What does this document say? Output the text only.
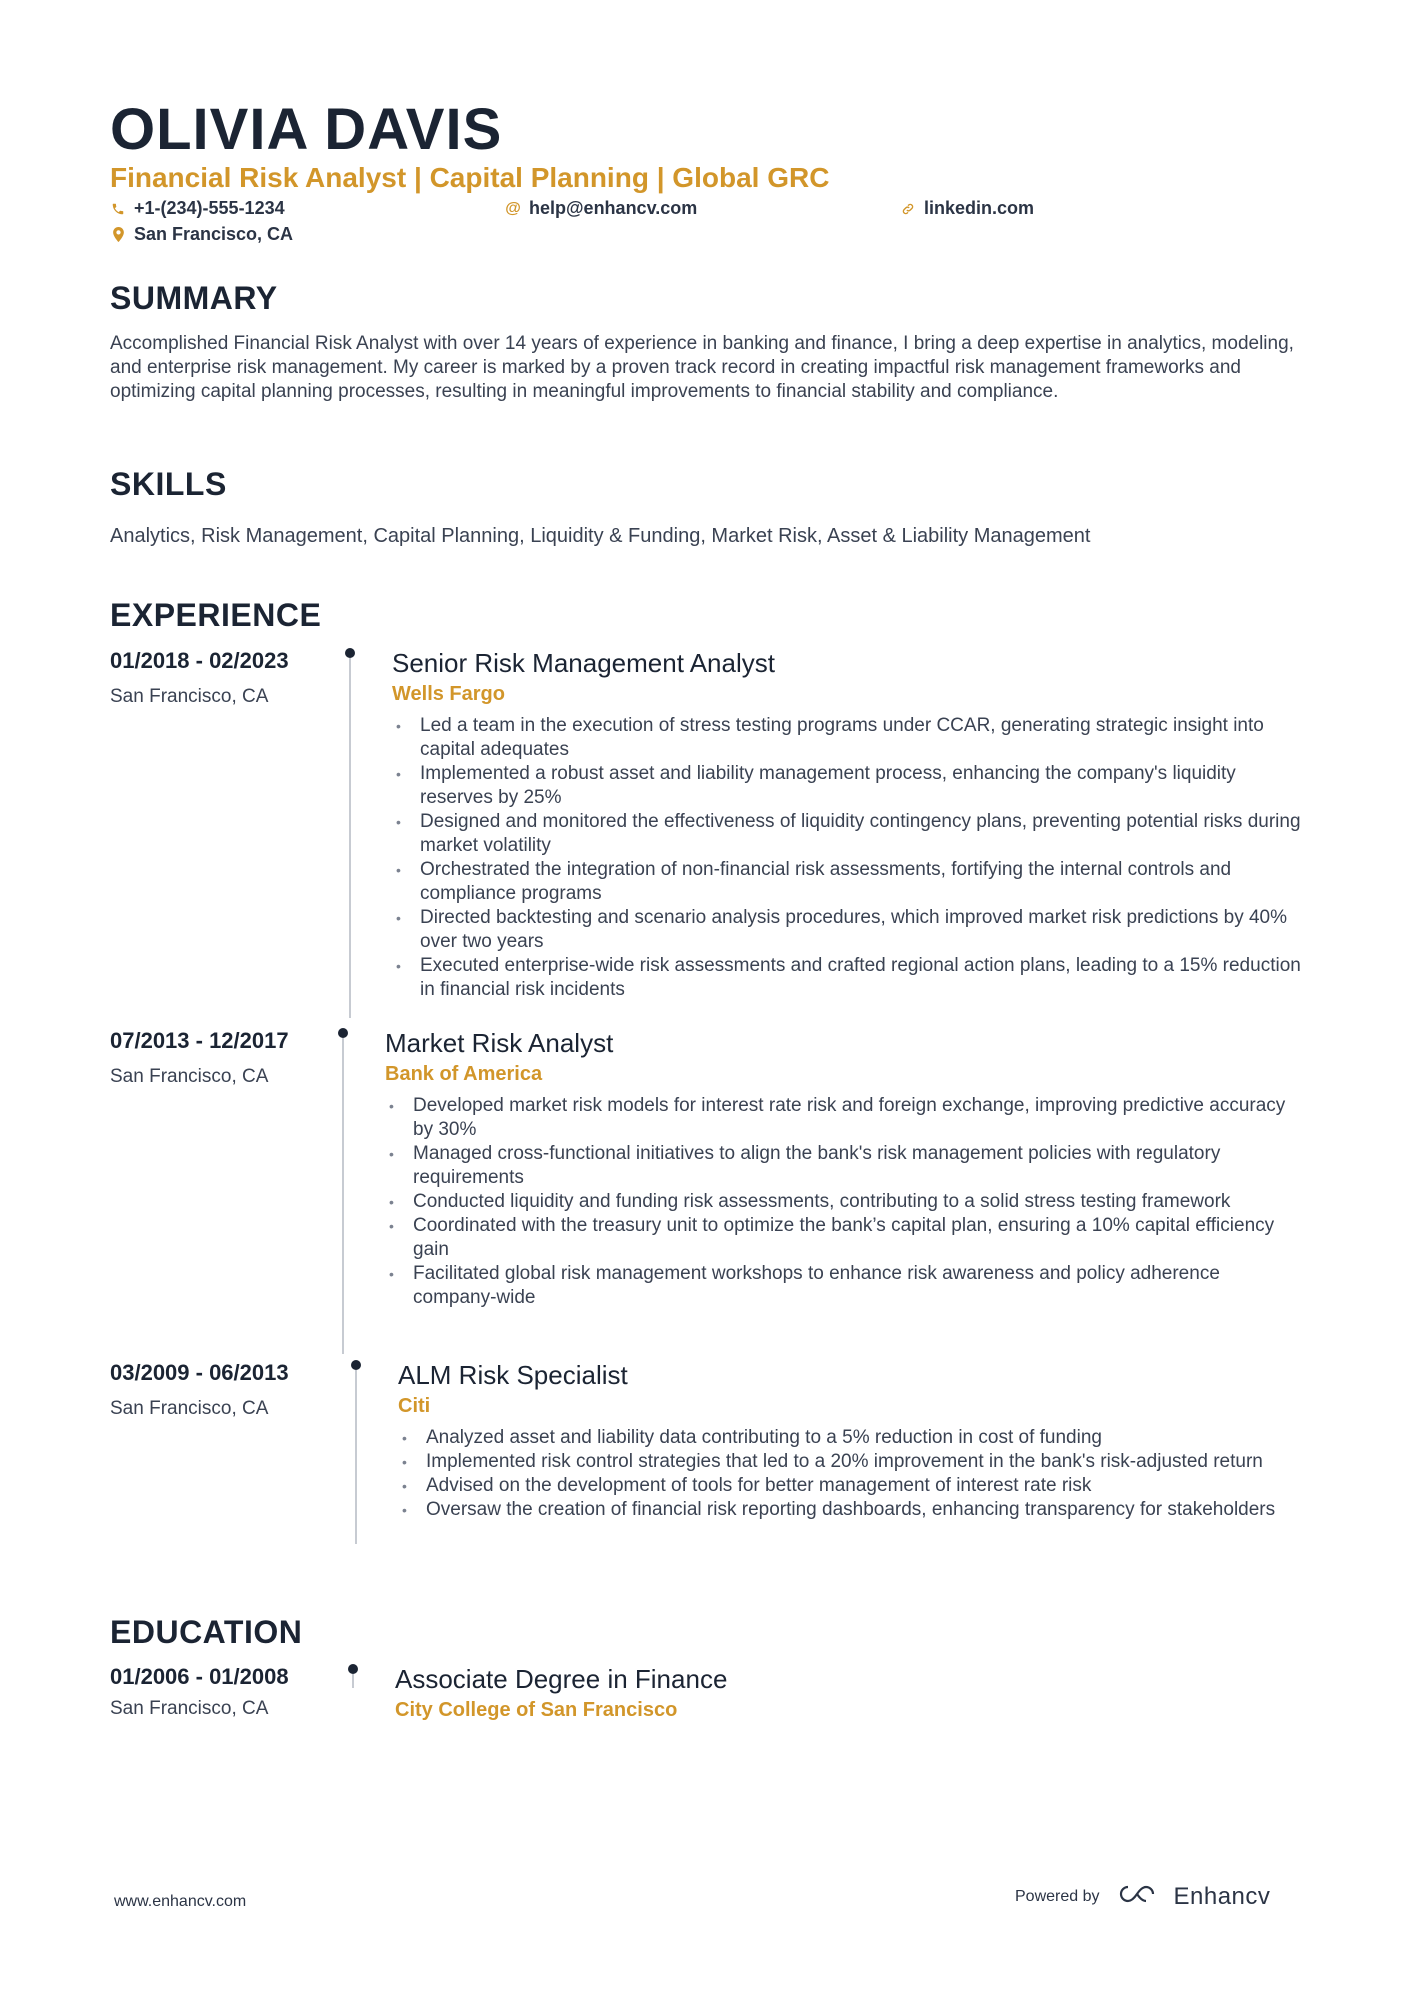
OLIVIA DAVIS
Financial Risk Analyst | Capital Planning | Global GRC
+1-(234)-555-1234	@ help@enhancv.com	linkedin.com
San Francisco, CA
SUMMARY
Accomplished Financial Risk Analyst with over 14 years of experience in banking and finance, I bring a deep expertise in analytics, modeling, and enterprise risk management. My career is marked by a proven track record in creating impactful risk management frameworks and optimizing capital planning processes, resulting in meaningful improvements to financial stability and compliance.
SKILLS
Analytics, Risk Management, Capital Planning, Liquidity & Funding, Market Risk, Asset & Liability Management
EXPERIENCE
01/2018 - 02/2023
San Francisco, CA
Senior Risk Management Analyst
Wells Fargo
• Led a team in the execution of stress testing programs under CCAR, generating strategic insight into capital adequates
• Implemented a robust asset and liability management process, enhancing the company's liquidity reserves by 25%
• Designed and monitored the effectiveness of liquidity contingency plans, preventing potential risks during market volatility
• Orchestrated the integration of non-financial risk assessments, fortifying the internal controls and compliance programs
• Directed backtesting and scenario analysis procedures, which improved market risk predictions by 40% over two years
• Executed enterprise-wide risk assessments and crafted regional action plans, leading to a 15% reduction in financial risk incidents
07/2013 - 12/2017
San Francisco, CA
Market Risk Analyst
Bank of America
• Developed market risk models for interest rate risk and foreign exchange, improving predictive accuracy by 30%
• Managed cross-functional initiatives to align the bank's risk management policies with regulatory requirements
• Conducted liquidity and funding risk assessments, contributing to a solid stress testing framework
• Coordinated with the treasury unit to optimize the bank’s capital plan, ensuring a 10% capital efficiency gain
• Facilitated global risk management workshops to enhance risk awareness and policy adherence company-wide
03/2009 - 06/2013
San Francisco, CA
ALM Risk Specialist
Citi
• Analyzed asset and liability data contributing to a 5% reduction in cost of funding
• Implemented risk control strategies that led to a 20% improvement in the bank's risk-adjusted return
• Advised on the development of tools for better management of interest rate risk
• Oversaw the creation of financial risk reporting dashboards, enhancing transparency for stakeholders
EDUCATION
01/2006 - 01/2008
San Francisco, CA
Associate Degree in Finance
City College of San Francisco
www.enhancv.com	Powered by	Enhancv
